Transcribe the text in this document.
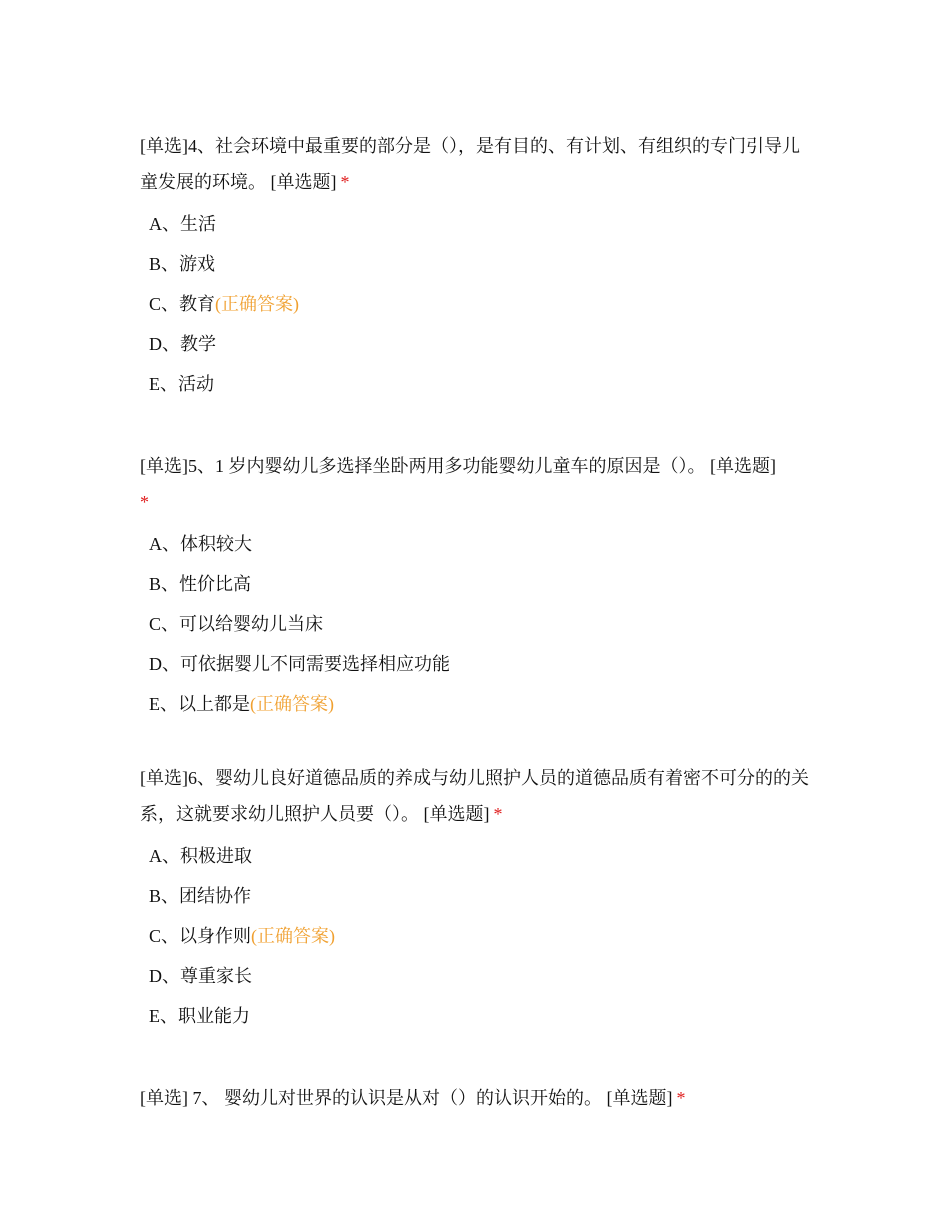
[单选]4、社会环境中最重要的部分是（），是有目的、有计划、有组织的专门引导儿童发展的环境。 [单选题] *

A、生活
B、游戏
C、教育(正确答案)
D、教学
E、活动

[单选]5、1 岁内婴幼儿多选择坐卧两用多功能婴幼儿童车的原因是（）。 [单选题]
*

A、体积较大
B、性价比高
C、可以给婴幼儿当床
D、可依据婴儿不同需要选择相应功能
E、以上都是(正确答案)

[单选]6、婴幼儿良好道德品质的养成与幼儿照护人员的道德品质有着密不可分的的关系，这就要求幼儿照护人员要（）。 [单选题] *

A、积极进取
B、团结协作
C、以身作则(正确答案)
D、尊重家长
E、职业能力

[单选] 7、 婴幼儿对世界的认识是从对（）的认识开始的。 [单选题] *
